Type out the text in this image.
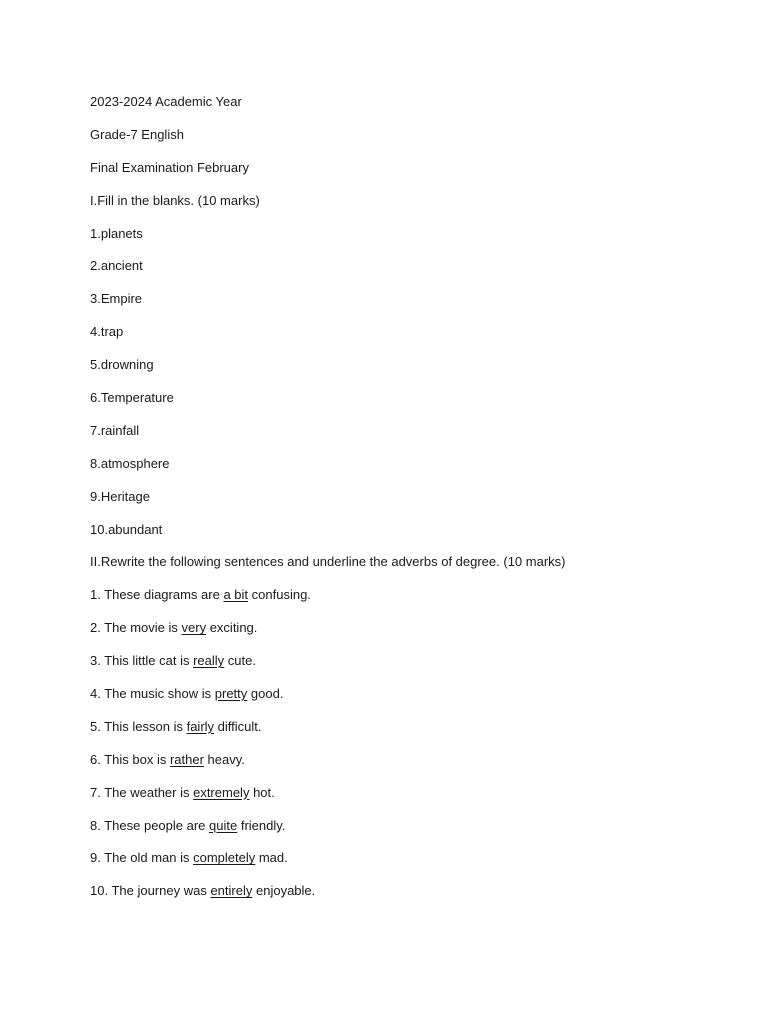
2023-2024 Academic Year
Grade-7 English
Final Examination February
I.Fill in the blanks. (10 marks)
1.planets
2.ancient
3.Empire
4.trap
5.drowning
6.Temperature
7.rainfall
8.atmosphere
9.Heritage
10.abundant
II.Rewrite the following sentences and underline the adverbs of degree. (10 marks)
1. These diagrams are a bit confusing.
2. The movie is very exciting.
3. This little cat is really cute.
4. The music show is pretty good.
5. This lesson is fairly difficult.
6. This box is rather heavy.
7. The weather is extremely hot.
8. These people are quite friendly.
9. The old man is completely mad.
10. The journey was entirely enjoyable.
